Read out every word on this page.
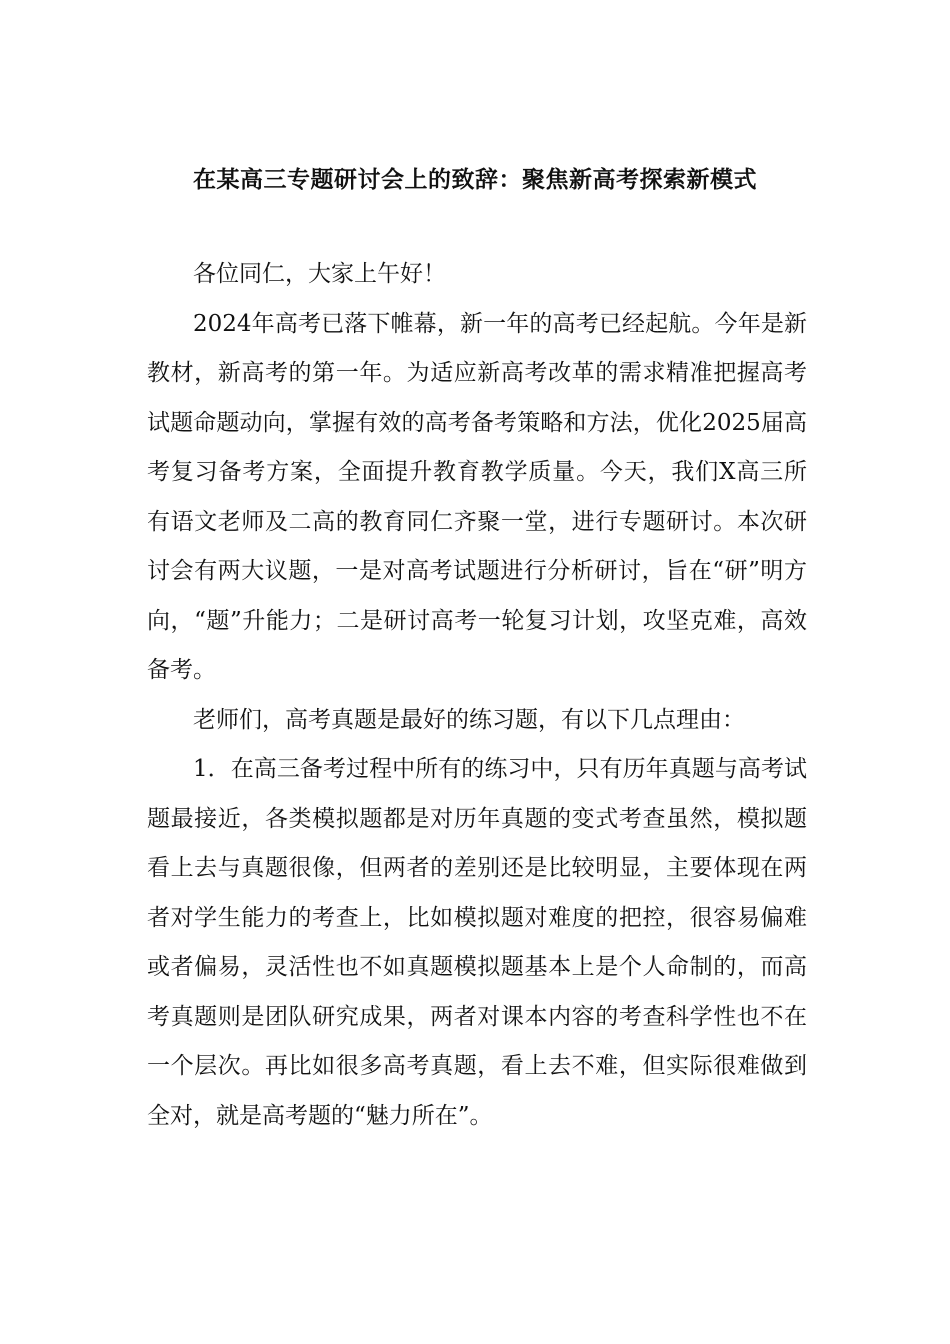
在某高三专题研讨会上的致辞：聚焦新高考探索新模式

各位同仁，大家上午好！

2024年高考已落下帷幕，新一年的高考已经起航。今年是新教材，新高考的第一年。为适应新高考改革的需求精准把握高考试题命题动向，掌握有效的高考备考策略和方法，优化2025届高考复习备考方案，全面提升教育教学质量。今天，我们X高三所有语文老师及二高的教育同仁齐聚一堂，进行专题研讨。本次研讨会有两大议题，一是对高考试题进行分析研讨，旨在“研”明方向，“题”升能力；二是研讨高考一轮复习计划，攻坚克难，高效备考。

老师们，高考真题是最好的练习题，有以下几点理由：

1．在高三备考过程中所有的练习中，只有历年真题与高考试题最接近，各类模拟题都是对历年真题的变式考查虽然，模拟题看上去与真题很像，但两者的差别还是比较明显，主要体现在两者对学生能力的考查上，比如模拟题对难度的把控，很容易偏难或者偏易，灵活性也不如真题模拟题基本上是个人命制的，而高考真题则是团队研究成果，两者对课本内容的考查科学性也不在一个层次。再比如很多高考真题，看上去不难，但实际很难做到全对，就是高考题的“魅力所在”。
